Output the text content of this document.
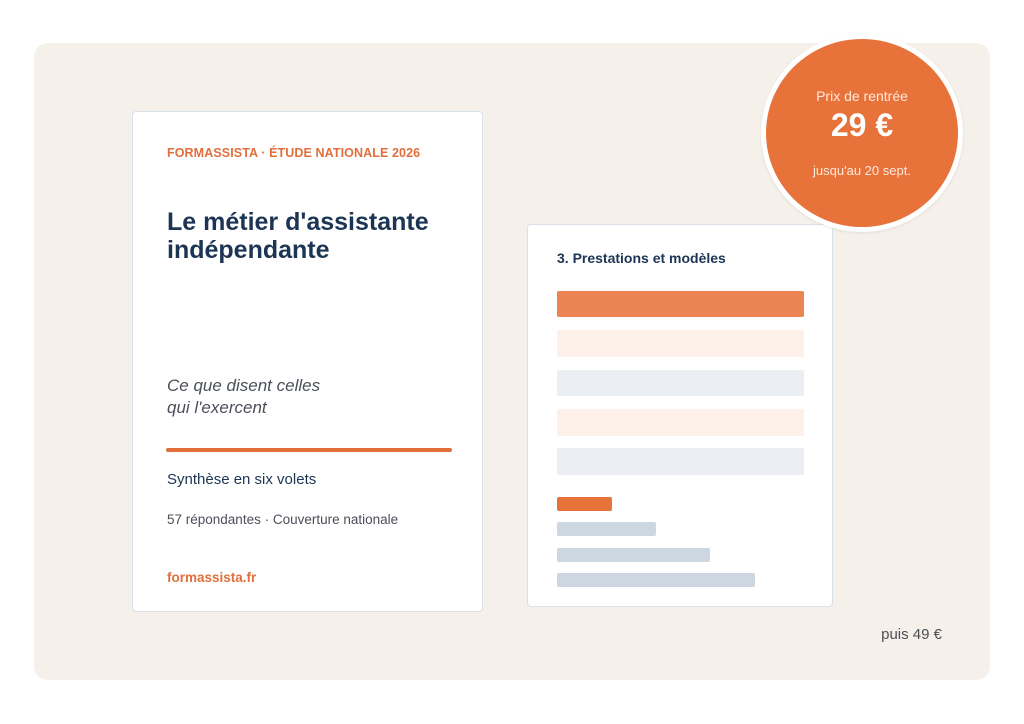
FORMASSISTA · ÉTUDE NATIONALE 2026
Le métier d'assistante indépendante
Ce que disent celles
qui l'exercent
Synthèse en six volets
57 répondantes · Couverture nationale
formassista.fr
3. Prestations et modèles
Prix de rentrée
29 €
jusqu'au 20 sept.
puis 49 €
